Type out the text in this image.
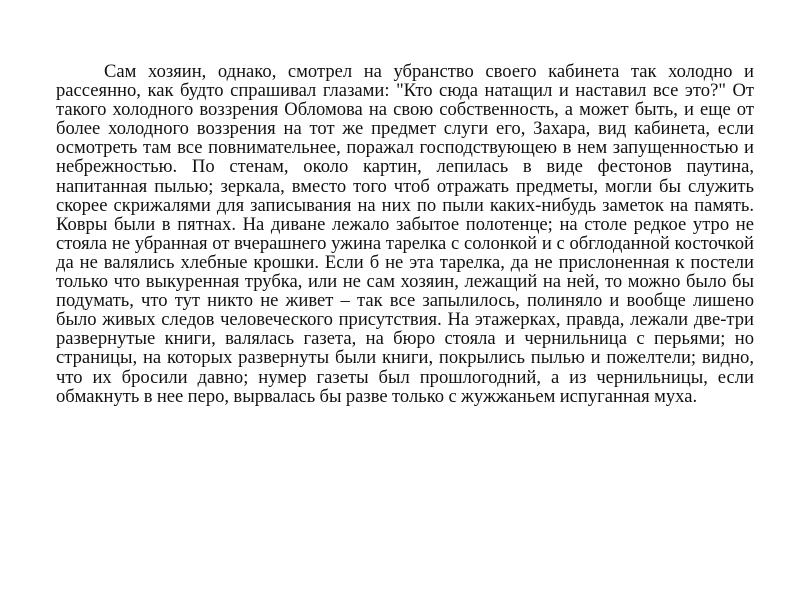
Сам хозяин, однако, смотрел на убранство своего кабинета так холодно и рассеянно, как будто спрашивал глазами: "Кто сюда натащил и наставил все это?" От такого холодного воззрения Обломова на свою собственность, а может быть, и еще от более холодного воззрения на тот же предмет слуги его, Захара, вид кабинета, если осмотреть там все повнимательнее, поражал господствующею в нем запущенностью и небрежностью. По стенам, около картин, лепилась в виде фестонов паутина, напитанная пылью; зеркала, вместо того чтоб отражать предметы, могли бы служить скорее скрижалями для записывания на них по пыли каких-нибудь заметок на память. Ковры были в пятнах. На диване лежало забытое полотенце; на столе редкое утро не стояла не убранная от вчерашнего ужина тарелка с солонкой и с обглоданной косточкой да не валялись хлебные крошки. Если б не эта тарелка, да не прислоненная к постели только что выкуренная трубка, или не сам хозяин, лежащий на ней, то можно было бы подумать, что тут никто не живет – так все запылилось, полиняло и вообще лишено было живых следов человеческого присутствия. На этажерках, правда, лежали две-три развернутые книги, валялась газета, на бюро стояла и чернильница с перьями; но страницы, на которых развернуты были книги, покрылись пылью и пожелтели; видно, что их бросили давно; нумер газеты был прошлогодний, а из чернильницы, если обмакнуть в нее перо, вырвалась бы разве только с жужжаньем испуганная муха.
